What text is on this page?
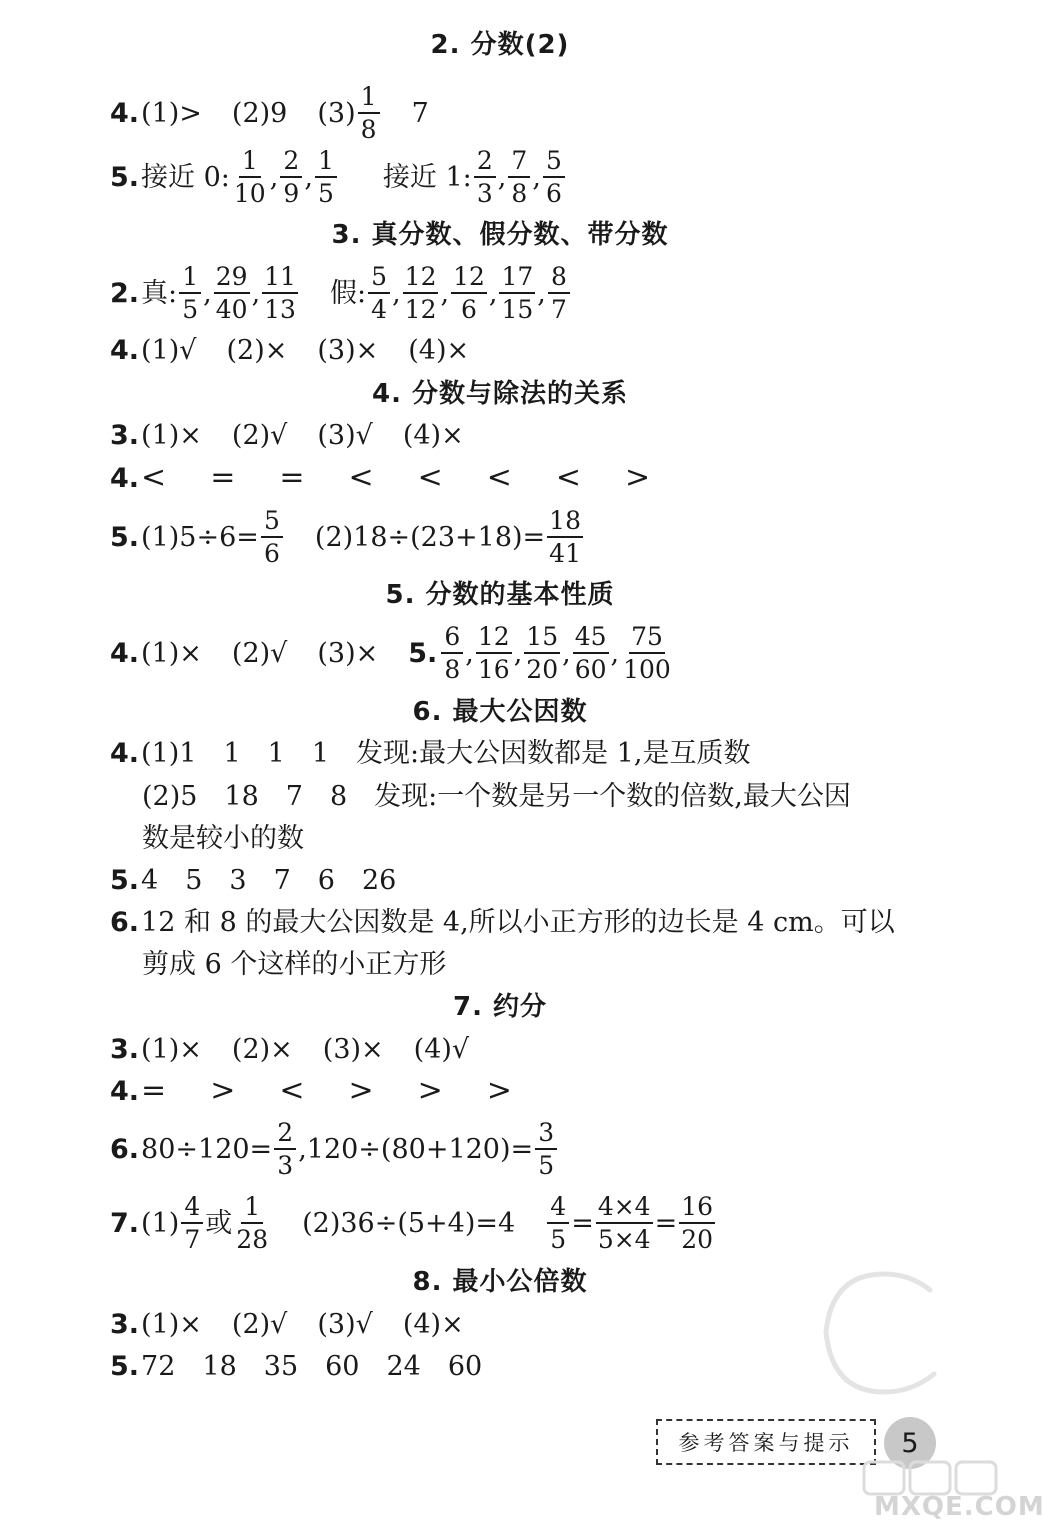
2. 分数(2)
4. (1)> (2)9 $(3) \frac{1}{8} 7$
5. 接近 0: $\frac{1}{10}$ , $\frac{2}{9}$ , $\frac{1}{5}$ 接近 1: $\frac{2}{3}$ , $\frac{7}{8}$ , $\frac{5}{6}$
3. 真分数、假分数、带分数
2. 真: $\frac{1}{5}$ , $\frac{29}{40}$ , $\frac{11}{13}$ 假: $\frac{5}{4}$ , $\frac{12}{12}$ , $\frac{12}{6}$ , $\frac{17}{15}$ , $\frac{8}{7}$
4. (1)√ (2)× (3)× (4)×
4. 分数与除法的关系
3. (1)× (2)√ (3)√ (4)×
4. < = = < < < < >
5. $(1)5\div 6= \frac{5}{6} (2)18\div(23+18)= \frac{18}{41}$
5. 分数的基本性质
4. (1)× (2)√ (3)× 5. $\frac{6}{8}$ , $\frac{12}{16}$ , $\frac{15}{20}$ , $\frac{45}{60}$ , $\frac{75}{100}$
6. 最大公因数
4. (1)1　1　1　1　发现:最大公因数都是 1,是互质数
(2)5　18　7　8　发现:一个数是另一个数的倍数,最大公因
数是较小的数
5. 4　5　3　7　6　26
6. 12 和 8 的最大公因数是 4,所以小正方形的边长是 4 cm。可以
剪成 6 个这样的小正方形
7. 约分
3. (1)× (2)× (3)× (4)√
4. = > < > > >
6. $80\div 120= \frac{2}{3} ,120\div(80+120)= \frac{3}{5}$
7. $(1) \frac{4}{7}$ 或 $\frac{1}{28} (2)36\div(5+4)=4 \frac{4}{5} = \frac{4\times 4}{5\times 4} = \frac{16}{20}$
8. 最小公倍数
3. (1)× (2)√ (3)√ (4)×
5. 72　18　35　60　24　60
参考答案与提示	5
MXQE.COM
